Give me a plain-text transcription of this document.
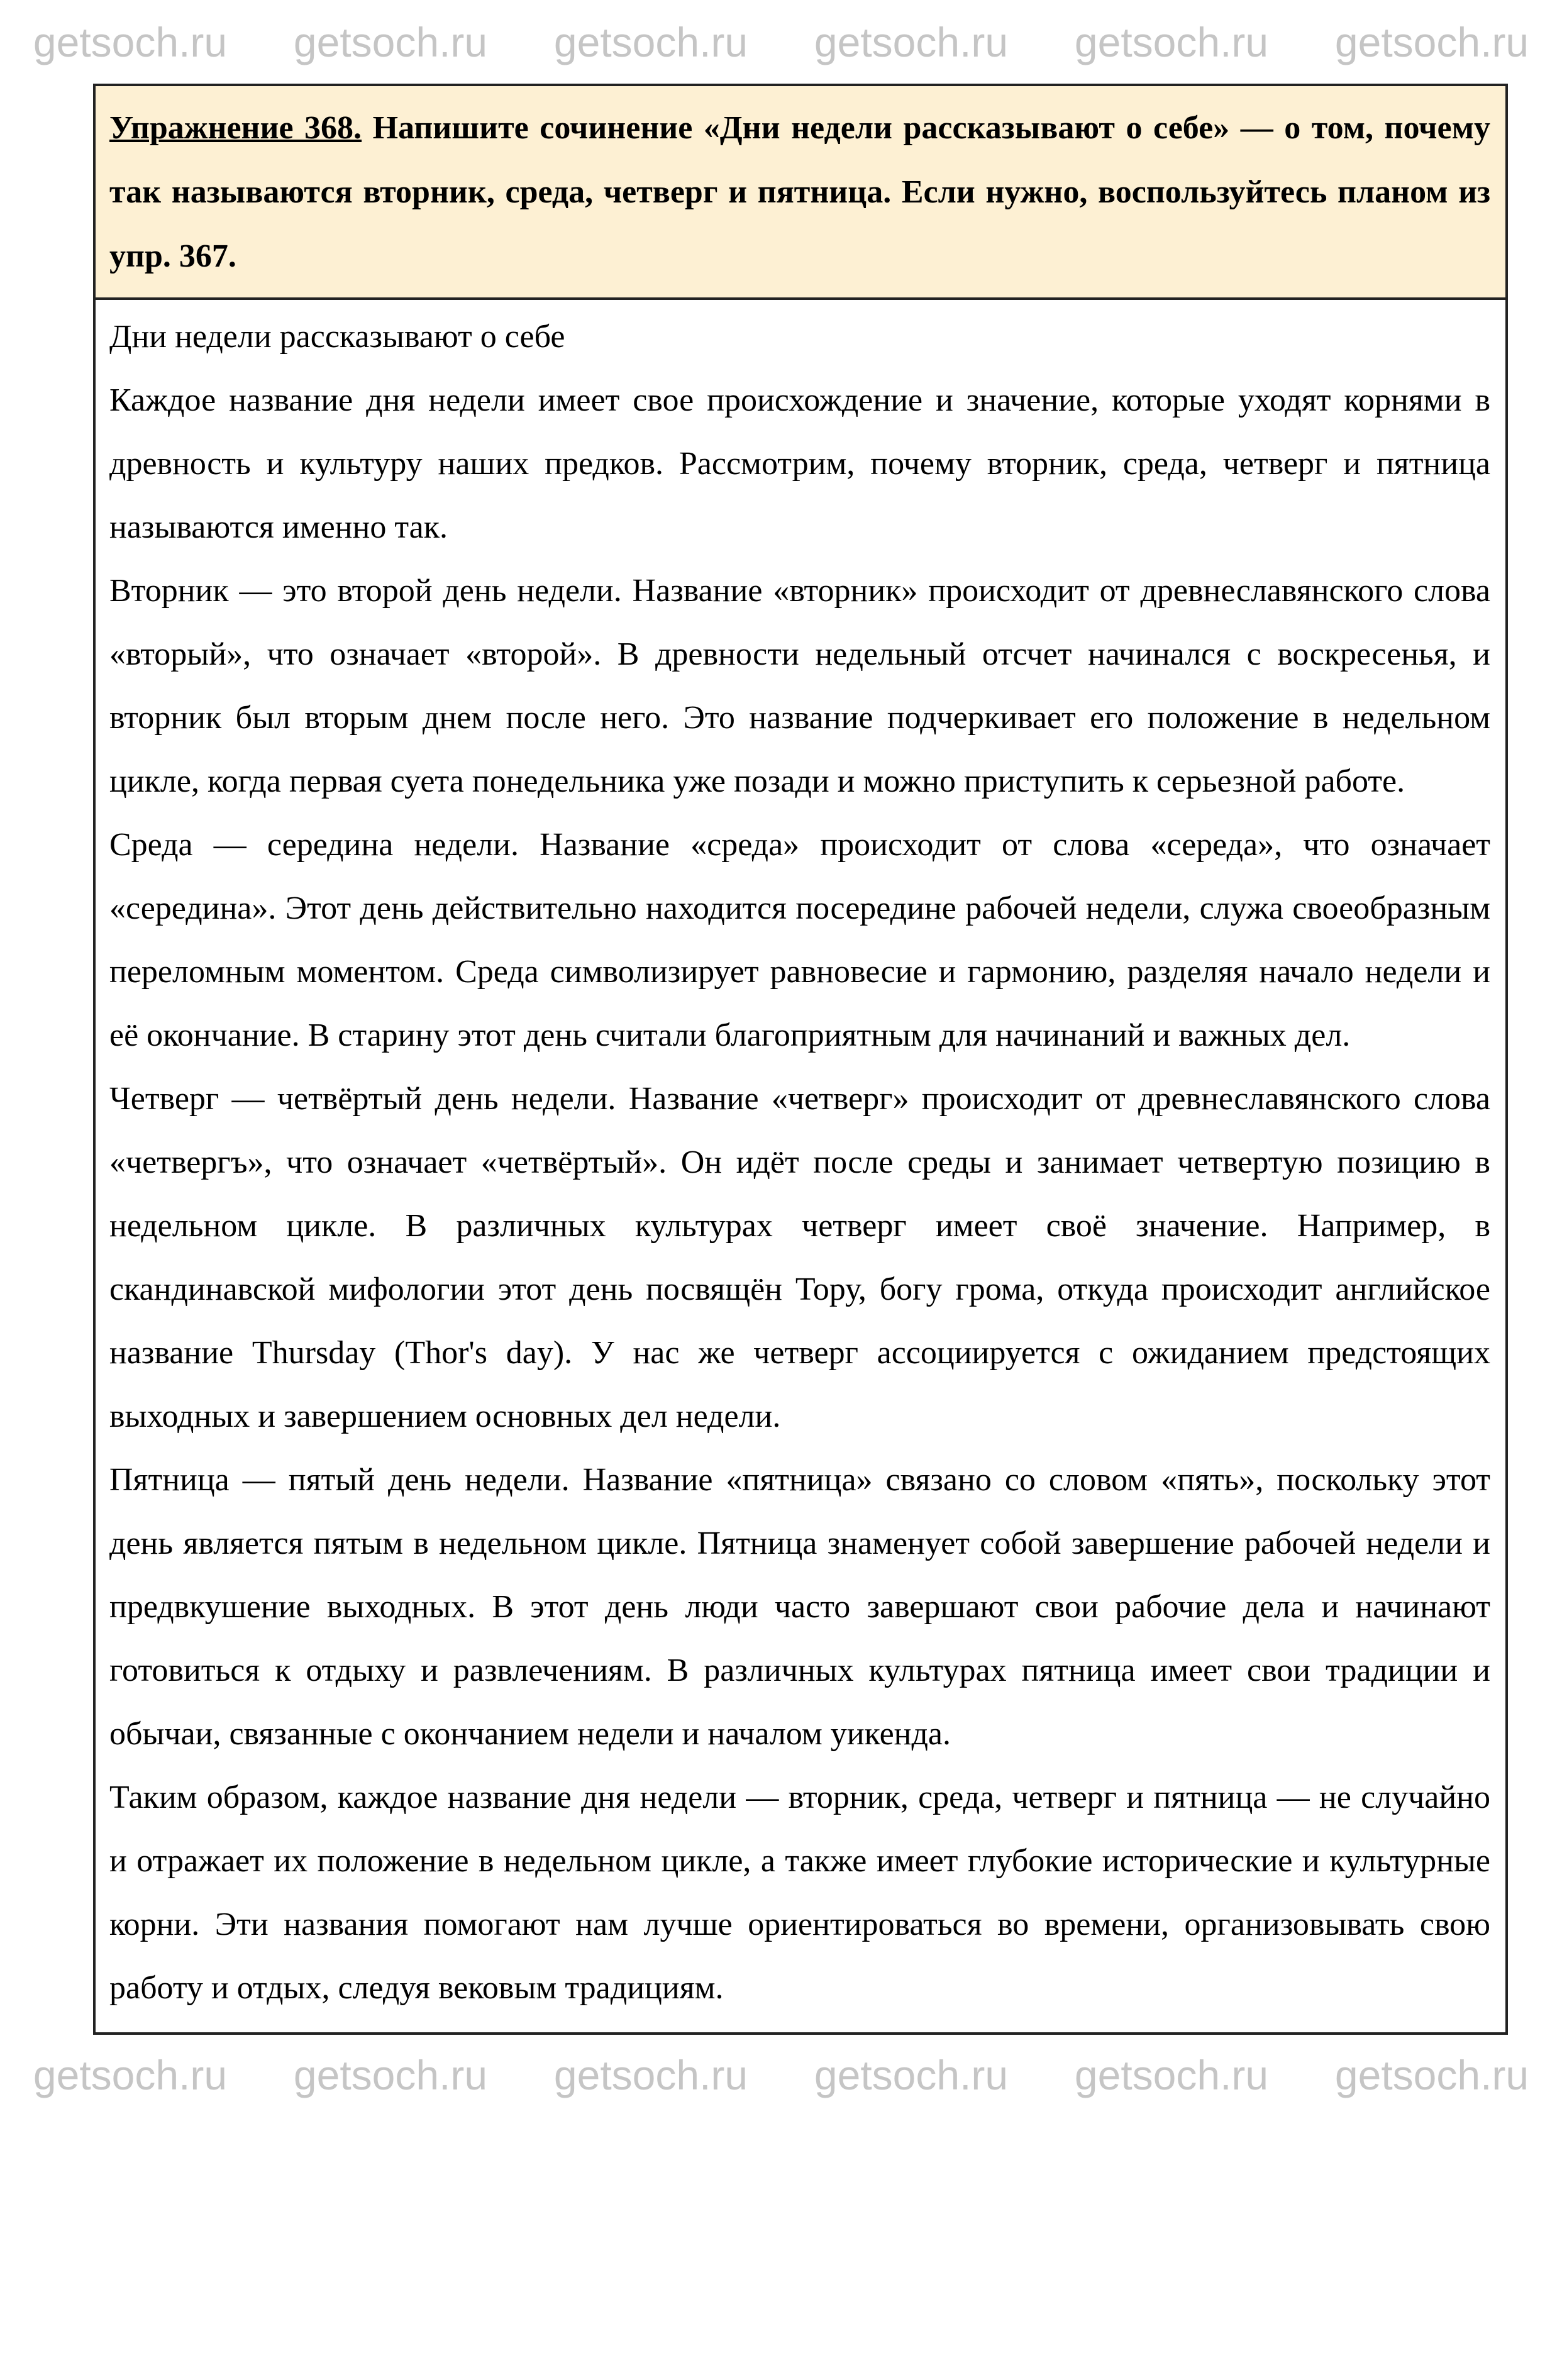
getsoch.ru getsoch.ru getsoch.ru getsoch.ru getsoch.ru getsoch.ru
Упражнение 368. Напишите сочинение «Дни недели рассказывают о себе» — о том, почему так называются вторник, среда, четверг и пятница. Если нужно, воспользуйтесь планом из упр. 367.

Дни недели рассказывают о себе

Каждое название дня недели имеет свое происхождение и значение, которые уходят корнями в древность и культуру наших предков. Рассмотрим, почему вторник, среда, четверг и пятница называются именно так.

Вторник — это второй день недели. Название «вторник» происходит от древнеславянского слова «вторый», что означает «второй». В древности недельный отсчет начинался с воскресенья, и вторник был вторым днем после него. Это название подчеркивает его положение в недельном цикле, когда первая суета понедельника уже позади и можно приступить к серьезной работе.

Среда — середина недели. Название «среда» происходит от слова «середа», что означает «середина». Этот день действительно находится посередине рабочей недели, служа своеобразным переломным моментом. Среда символизирует равновесие и гармонию, разделяя начало недели и её окончание. В старину этот день считали благоприятным для начинаний и важных дел.

Четверг — четвёртый день недели. Название «четверг» происходит от древнеславянского слова «четвергъ», что означает «четвёртый». Он идёт после среды и занимает четвертую позицию в недельном цикле. В различных культурах четверг имеет своё значение. Например, в скандинавской мифологии этот день посвящён Тору, богу грома, откуда происходит английское название Thursday (Thor's day). У нас же четверг ассоциируется с ожиданием предстоящих выходных и завершением основных дел недели.

Пятница — пятый день недели. Название «пятница» связано со словом «пять», поскольку этот день является пятым в недельном цикле. Пятница знаменует собой завершение рабочей недели и предвкушение выходных. В этот день люди часто завершают свои рабочие дела и начинают готовиться к отдыху и развлечениям. В различных культурах пятница имеет свои традиции и обычаи, связанные с окончанием недели и началом уикенда.

Таким образом, каждое название дня недели — вторник, среда, четверг и пятница — не случайно и отражает их положение в недельном цикле, а также имеет глубокие исторические и культурные корни. Эти названия помогают нам лучше ориентироваться во времени, организовывать свою работу и отдых, следуя вековым традициям.

getsoch.ru getsoch.ru getsoch.ru getsoch.ru getsoch.ru getsoch.ru
